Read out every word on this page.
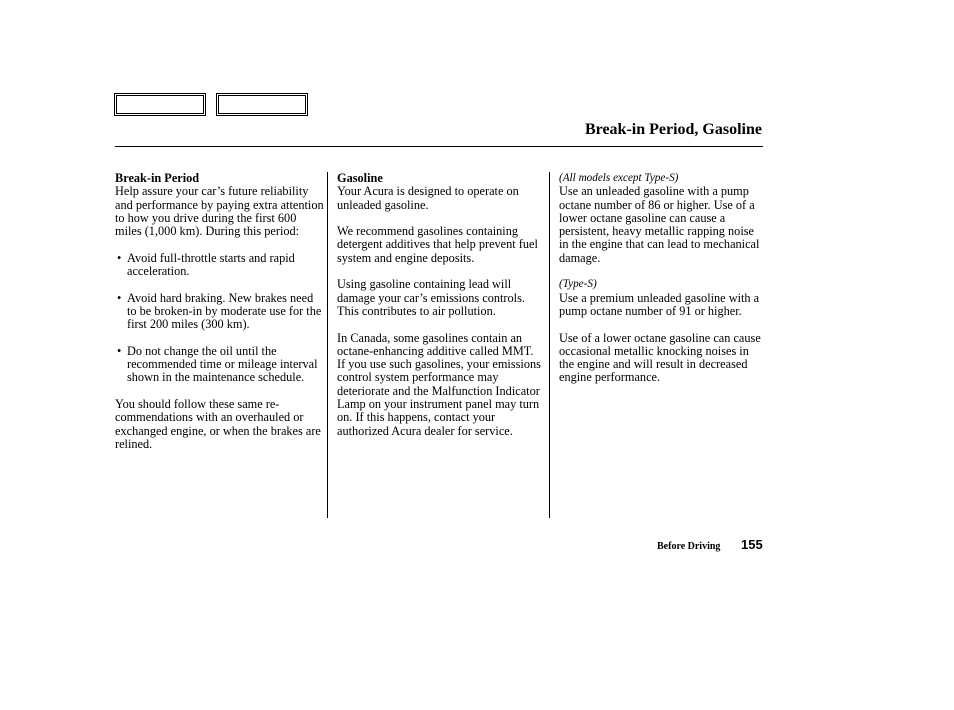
Break-in Period, Gasoline
Break-in Period

Help assure your car’s future reliability and performance by paying extra attention to how you drive during the first 600 miles (1,000 km). During this period:

• Avoid full-throttle starts and rapid acceleration.
• Avoid hard braking. New brakes need to be broken-in by moderate use for the first 200 miles (300 km).
• Do not change the oil until the recommended time or mileage interval shown in the maintenance schedule.

You should follow these same re-commendations with an overhauled or exchanged engine, or when the brakes are relined.

Gasoline

Your Acura is designed to operate on unleaded gasoline.

We recommend gasolines containing detergent additives that help prevent fuel system and engine deposits.

Using gasoline containing lead will damage your car’s emissions controls. This contributes to air pollution.

In Canada, some gasolines contain an octane-enhancing additive called MMT. If you use such gasolines, your emissions control system performance may deteriorate and the Malfunction Indicator Lamp on your instrument panel may turn on. If this happens, contact your authorized Acura dealer for service.

(All models except Type-S)

Use an unleaded gasoline with a pump octane number of 86 or higher. Use of a lower octane gasoline can cause a persistent, heavy metallic rapping noise in the engine that can lead to mechanical damage.

(Type-S)

Use a premium unleaded gasoline with a pump octane number of 91 or higher.

Use of a lower octane gasoline can cause occasional metallic knocking noises in the engine and will result in decreased engine performance.

Before Driving 155
